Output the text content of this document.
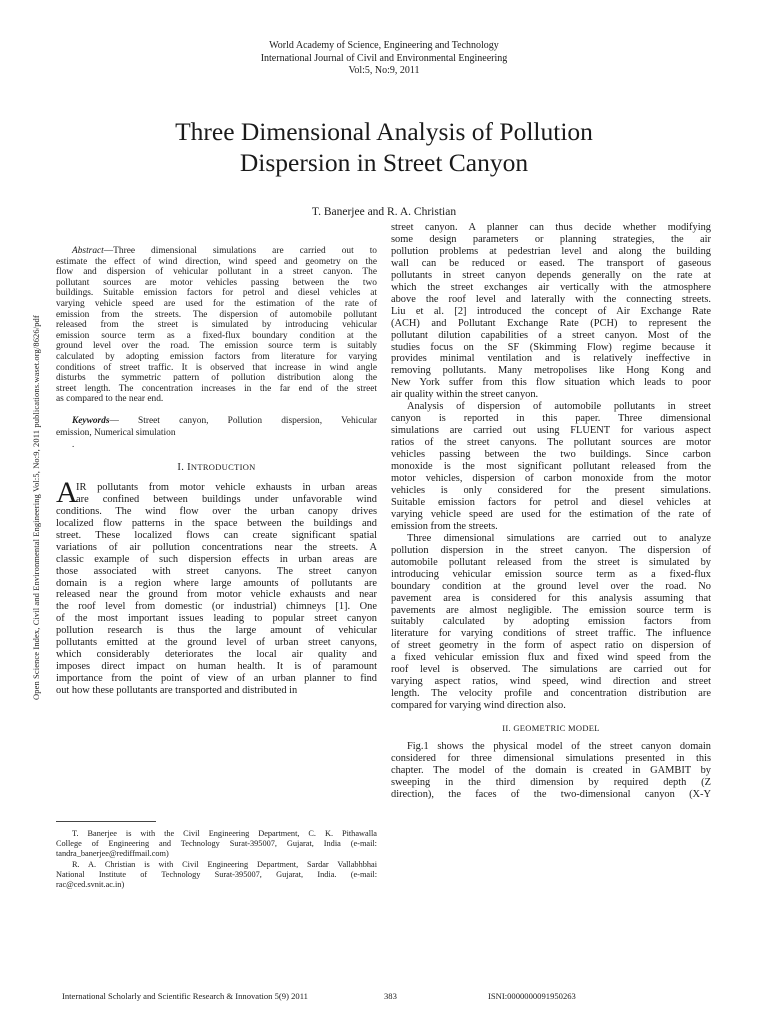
World Academy of Science, Engineering and Technology
International Journal of Civil and Environmental Engineering
Vol:5, No:9, 2011
Three Dimensional Analysis of Pollution
Dispersion in Street Canyon
T. Banerjee and R. A. Christian
Open Science Index, Civil and Environmental Engineering Vol:5, No:9, 2011 publications.waset.org/8626/pdf
Abstract—Three dimensional simulations are carried out to
estimate the effect of wind direction, wind speed and geometry on the
flow and dispersion of vehicular pollutant in a street canyon. The
pollutant sources are motor vehicles passing between the two
buildings. Suitable emission factors for petrol and diesel vehicles at
varying vehicle speed are used for the estimation of the rate of
emission from the streets. The dispersion of automobile pollutant
released from the street is simulated by introducing vehicular
emission source term as a fixed-flux boundary condition at the
ground level over the road. The emission source term is suitably
calculated by adopting emission factors from literature for varying
conditions of street traffic. It is observed that increase in wind angle
disturbs the symmetric pattern of pollution distribution along the
street length. The concentration increases in the far end of the street
as compared to the near end.
Keywords— Street canyon, Pollution dispersion, Vehicular
emission, Numerical simulation
.
I. INTRODUCTION
A
IR pollutants from motor vehicle exhausts in urban areas
are confined between buildings under unfavorable wind
conditions. The wind flow over the urban canopy drives
localized flow patterns in the space between the buildings and
street. These localized flows can create significant spatial
variations of air pollution concentrations near the streets. A
classic example of such dispersion effects in urban areas are
those associated with street canyons. The street canyon
domain is a region where large amounts of pollutants are
released near the ground from motor vehicle exhausts and near
the roof level from domestic (or industrial) chimneys [1]. One
of the most important issues leading to popular street canyon
pollution research is thus the large amount of vehicular
pollutants emitted at the ground level of urban street canyons,
which considerably deteriorates the local air quality and
imposes direct impact on human health. It is of paramount
importance from the point of view of an urban planner to find
out how these pollutants are transported and distributed in
T. Banerjee is with the Civil Engineering Department, C. K. Pithawalla
College of Engineering and Technology Surat-395007, Gujarat, India (e-mail:
tandra_banerjee@rediffmail.com)
R. A. Christian is with Civil Engineering Department, Sardar Vallabhbhai
National Institute of Technology Surat-395007, Gujarat, India. (e-mail:
rac@ced.svnit.ac.in)
street canyon. A planner can thus decide whether modifying
some design parameters or planning strategies, the air
pollution problems at pedestrian level and along the building
wall can be reduced or eased. The transport of gaseous
pollutants in street canyon depends generally on the rate at
which the street exchanges air vertically with the atmosphere
above the roof level and laterally with the connecting streets.
Liu et al. [2] introduced the concept of Air Exchange Rate
(ACH) and Pollutant Exchange Rate (PCH) to represent the
pollutant dilution capabilities of a street canyon. Most of the
studies focus on the SF (Skimming Flow) regime because it
provides minimal ventilation and is relatively ineffective in
removing pollutants. Many metropolises like Hong Kong and
New York suffer from this flow situation which leads to poor
air quality within the street canyon.
Analysis of dispersion of automobile pollutants in street
canyon is reported in this paper. Three dimensional
simulations are carried out using FLUENT for various aspect
ratios of the street canyons. The pollutant sources are motor
vehicles passing between the two buildings. Since carbon
monoxide is the most significant pollutant released from the
motor vehicles, dispersion of carbon monoxide from the motor
vehicles is only considered for the present simulations.
Suitable emission factors for petrol and diesel vehicles at
varying vehicle speed are used for the estimation of the rate of
emission from the streets.
Three dimensional simulations are carried out to analyze
pollution dispersion in the street canyon. The dispersion of
automobile pollutant released from the street is simulated by
introducing vehicular emission source term as a fixed-flux
boundary condition at the ground level over the road. No
pavement area is considered for this analysis assuming that
pavements are almost negligible. The emission source term is
suitably calculated by adopting emission factors from
literature for varying conditions of street traffic. The influence
of street geometry in the form of aspect ratio on dispersion of
a fixed vehicular emission flux and fixed wind speed from the
roof level is observed. The simulations are carried out for
varying aspect ratios, wind speed, wind direction and street
length. The velocity profile and concentration distribution are
compared for varying wind direction also.
II. GEOMETRIC MODEL
Fig.1 shows the physical model of the street canyon domain
considered for three dimensional simulations presented in this
chapter. The model of the domain is created in GAMBIT by
sweeping in the third dimension by required depth (Z
direction), the faces of the two-dimensional canyon (X-Y
International Scholarly and Scientific Research & Innovation 5(9) 2011	383	ISNI:0000000091950263
